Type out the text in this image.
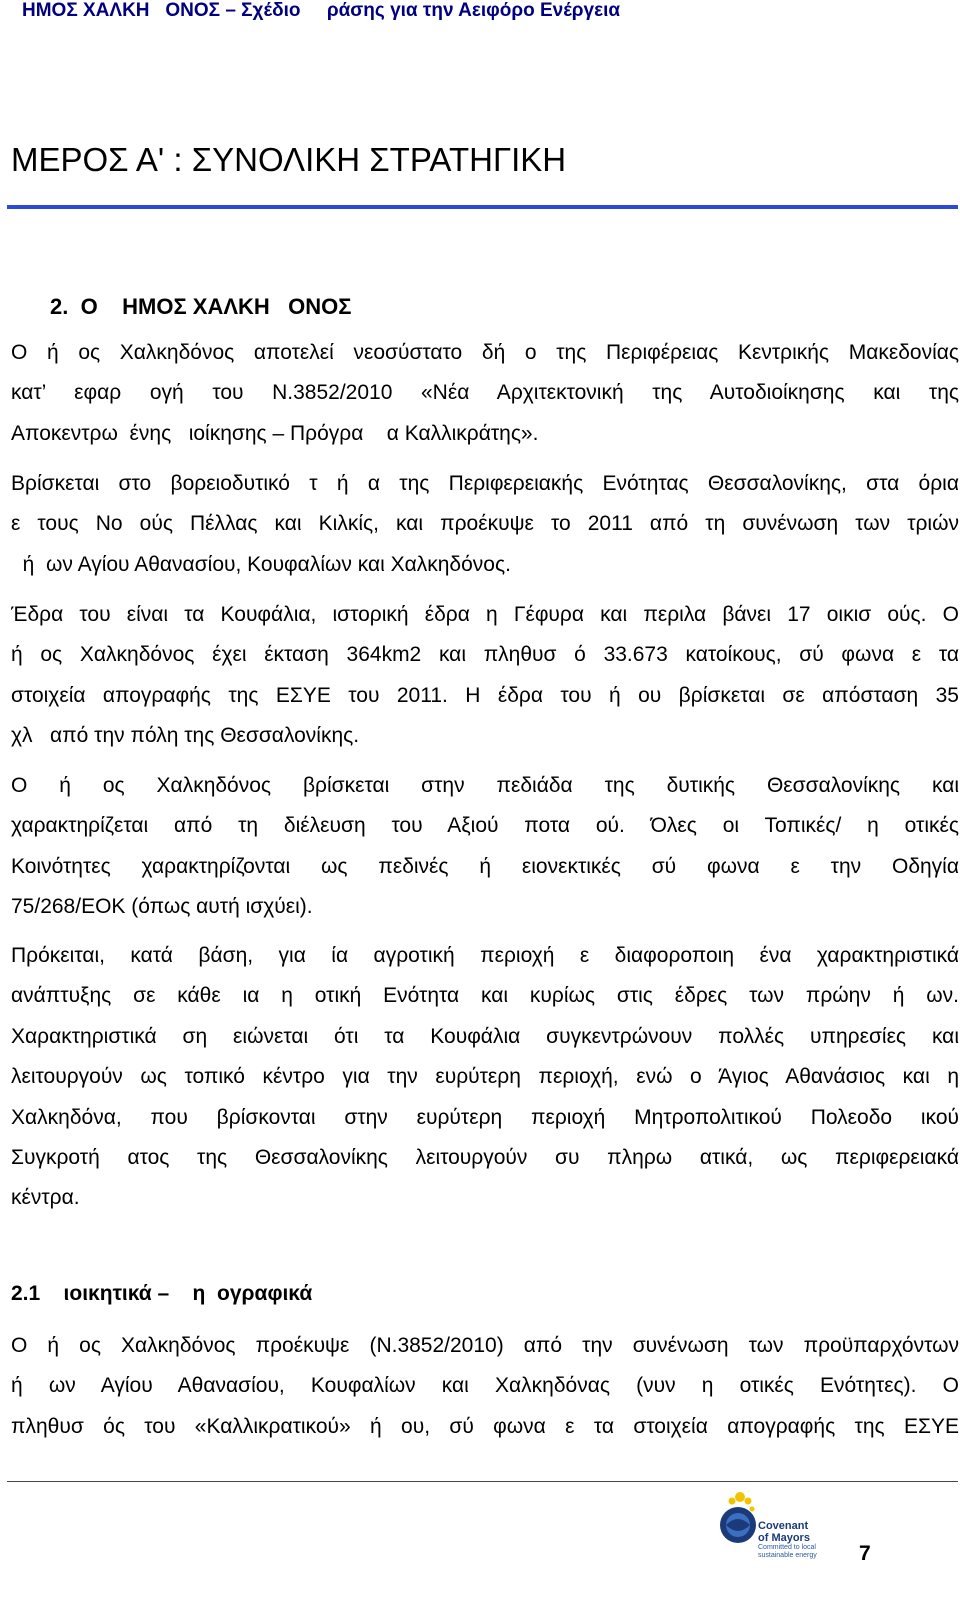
ΗΜΟΣ ΧΑΛΚΗ   ΟΝΟΣ – Σχέδιο     ράσης για την Αειφόρο Ενέργεια
ΜΕΡΟΣ Α' : ΣΥΝΟΛΙΚΗ ΣΤΡΑΤΗΓΙΚΗ
2.  Ο    ΗΜΟΣ ΧΑΛΚΗ   ΟΝΟΣ
Ο ή ος Χαλκηδόνος αποτελεί νεοσύστατο δή ο της Περιφέρειας Κεντρικής Μακεδονίας
κατ’ εφαρ ογή του Ν.3852/2010 «Νέα Αρχιτεκτονική της Αυτοδιοίκησης και της
Αποκεντρω  ένης   ιοίκησης – Πρόγρα    α Καλλικράτης».
Βρίσκεται στο βορειοδυτικό τ ή α της Περιφερειακής Ενότητας Θεσσαλονίκης, στα όρια
ε τους Νο ούς Πέλλας και Κιλκίς, και προέκυψε το 2011 από τη συνένωση των τριών
ή  ων Αγίου Αθανασίου, Κουφαλίων και Χαλκηδόνος.
Έδρα του είναι τα Κουφάλια, ιστορική έδρα η Γέφυρα και περιλα βάνει 17 οικισ ούς. Ο
ή ος Χαλκηδόνος έχει έκταση 364km2 και πληθυσ ό 33.673 κατοίκους, σύ φωνα ε τα
στοιχεία απογραφής της ΕΣΥΕ του 2011. Η έδρα του ή ου βρίσκεται σε απόσταση 35
χλ   από την πόλη της Θεσσαλονίκης.
Ο ή ος Χαλκηδόνος βρίσκεται στην πεδιάδα της δυτικής Θεσσαλονίκης και
χαρακτηρίζεται από τη διέλευση του Αξιού ποτα ού. Όλες οι Τοπικές/ η οτικές
Κοινότητες χαρακτηρίζονται ως πεδινές ή ειονεκτικές σύ φωνα ε την Οδηγία
75/268/ΕΟΚ (όπως αυτή ισχύει).
Πρόκειται, κατά βάση, για ία αγροτική περιοχή ε διαφοροποιη ένα χαρακτηριστικά
ανάπτυξης σε κάθε ια η οτική Ενότητα και κυρίως στις έδρες των πρώην ή ων.
Χαρακτηριστικά ση ειώνεται ότι τα Κουφάλια συγκεντρώνουν πολλές υπηρεσίες και
λειτουργούν ως τοπικό κέντρο για την ευρύτερη περιοχή, ενώ ο Άγιος Αθανάσιος και η
Χαλκηδόνα, που βρίσκονται στην ευρύτερη περιοχή Μητροπολιτικού Πολεοδο ικού
Συγκροτή ατος της Θεσσαλονίκης λειτουργούν συ πληρω ατικά, ως περιφερειακά
κέντρα.
2.1    ιοικητικά –    η  ογραφικά
Ο ή ος Χαλκηδόνος προέκυψε (Ν.3852/2010) από την συνένωση των προϋπαρχόντων
ή ων Αγίου Αθανασίου, Κουφαλίων και Χαλκηδόνας (νυν η οτικές Ενότητες). Ο
πληθυσ ός του «Καλλικρατικού» ή ου, σύ φωνα ε τα στοιχεία απογραφής της ΕΣΥΕ
Covenant
of Mayors
Committed to local
sustainable energy 7
